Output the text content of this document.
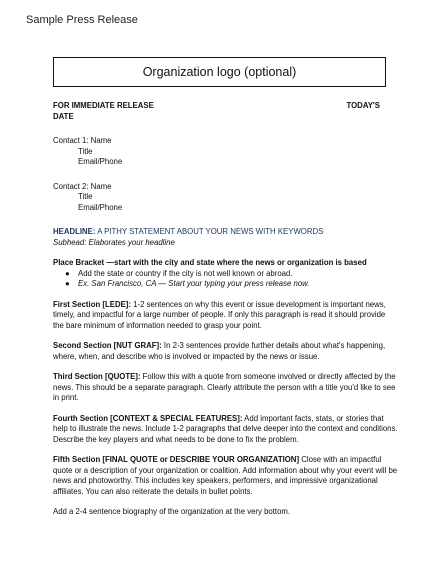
Sample Press Release
Organization logo (optional)
FOR IMMEDIATE RELEASE	TODAY'S
DATE
Contact 1: Name
Title
Email/Phone
Contact 2: Name
Title
Email/Phone

HEADLINE: A PITHY STATEMENT ABOUT YOUR NEWS WITH KEYWORDS

Subhead: Elaborates your headline

Place Bracket —start with the city and state where the news or organization is based

● Add the state or country if the city is not well known or abroad.
● Ex. San Francisco, CA — Start your typing your press release now.

First Section [LEDE]: 1-2 sentences on why this event or issue development is important news, timely, and impactful for a large number of people. If only this paragraph is read it should provide the bare minimum of information needed to grasp your point.

Second Section [NUT GRAF]: In 2-3 sentences provide further details about what's happening, where, when, and describe who is involved or impacted by the news or issue.

Third Section [QUOTE]: Follow this with a quote from someone involved or directly affected by the news. This should be a separate paragraph. Clearly attribute the person with a title you'd like to see in print.

Fourth Section [CONTEXT & SPECIAL FEATURES]: Add important facts, stats, or stories that help to illustrate the news. Include 1-2 paragraphs that delve deeper into the context and conditions. Describe the key players and what needs to be done to fix the problem.

Fifth Section [FINAL QUOTE or DESCRIBE YOUR ORGANIZATION] Close with an impactful quote or a description of your organization or coalition. Add information about why your event will be news and photoworthy. This includes key speakers, performers, and impressive organizational affiliates. You can also reiterate the details in bullet points.

Add a 2-4 sentence biography of the organization at the very bottom.
